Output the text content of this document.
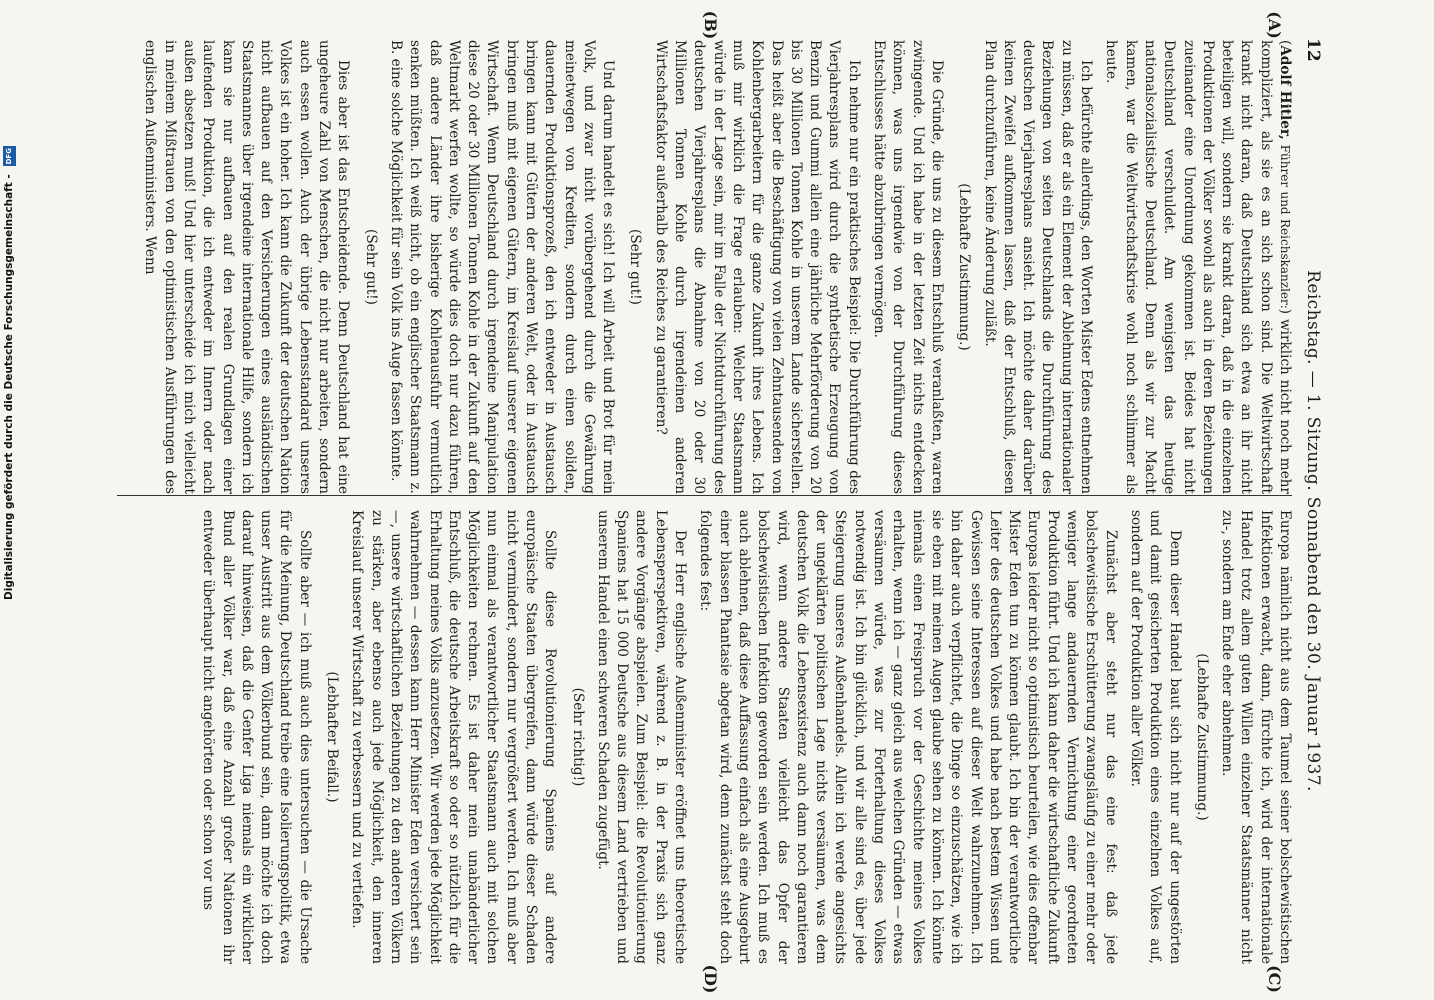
12
Reichstag. — 1. Sitzung. Sonnabend den 30. Januar 1937.
(A)
(B)
(C)
(D)

(Adolf Hitler, Führer und Reichskanzler:) wirklich nicht noch mehr kompliziert, als sie es an sich schon sind. Die Weltwirtschaft krankt nicht daran, daß Deutschland sich etwa an ihr nicht beteiligen will, sondern sie krankt daran, daß in die einzelnen Produktionen der Völker sowohl als auch in deren Beziehungen zueinander eine Unordnung gekommen ist. Beides hat nicht Deutschland verschuldet. Am wenigsten das heutige nationalsozialistische Deutschland. Denn als wir zur Macht kamen, war die Weltwirtschaftskrise wohl noch schlimmer als heute.

Ich befürchte allerdings, den Worten Mister Edens entnehmen zu müssen, daß er als ein Element der Ablehnung internationaler Beziehungen von seiten Deutschlands die Durchführung des deutschen Vierjahresplans ansieht. Ich möchte daher darüber keinen Zweifel aufkommen lassen, daß der Entschluß, diesen Plan durchzuführen, keine Änderung zuläßt.

(Lebhafte Zustimmung.)

Die Gründe, die uns zu diesem Entschluß veranlaßten, waren zwingende. Und ich habe in der letzten Zeit nichts entdecken können, was uns irgendwie von der Durchführung dieses Entschlusses hätte abzubringen vermögen.

Ich nehme nur ein praktisches Beispiel: Die Durchführung des Vierjahresplans wird durch die synthetische Erzeugung von Benzin und Gummi allein eine jährliche Mehrförderung von 20 bis 30 Millionen Tonnen Kohle in unserem Lande sicherstellen. Das heißt aber die Beschäftigung von vielen Zehntausenden von Kohlenbergarbeitern für die ganze Zukunft ihres Lebens. Ich muß mir wirklich die Frage erlauben: Welcher Staatsmann würde in der Lage sein, mir im Falle der Nichtdurchführung des deutschen Vierjahresplans die Abnahme von 20 oder 30 Millionen Tonnen Kohle durch irgendeinen anderen Wirtschaftsfaktor außerhalb des Reiches zu garantieren?

(Sehr gut!)

Und darum handelt es sich! Ich will Arbeit und Brot für mein Volk, und zwar nicht vorübergehend durch die Gewährung meinetwegen von Krediten, sondern durch einen soliden, dauernden Produktionsprozeß, den ich entweder in Austausch bringen kann mit Gütern der anderen Welt, oder in Austausch bringen muß mit eigenen Gütern, im Kreislauf unserer eigenen Wirtschaft. Wenn Deutschland durch irgendeine Manipulation diese 20 oder 30 Millionen Tonnen Kohle in der Zukunft auf den Weltmarkt werfen wollte, so würde dies doch nur dazu führen, daß andere Länder ihre bisherige Kohlenausfuhr vermutlich senken müßten. Ich weiß nicht, ob ein englischer Staatsmann z. B. eine solche Möglichkeit für sein Volk ins Auge fassen könnte.

(Sehr gut!)

Dies aber ist das Entscheidende. Denn Deutschland hat eine ungeheure Zahl von Menschen, die nicht nur arbeiten, sondern auch essen wollen. Auch der übrige Lebensstandard unseres Volkes ist ein hoher. Ich kann die Zukunft der deutschen Nation nicht aufbauen auf den Versicherungen eines ausländischen Staatsmannes über irgendeine internationale Hilfe, sondern ich kann sie nur aufbauen auf den realen Grundlagen einer laufenden Produktion, die ich entweder im Innern oder nach außen absetzen muß! Und hier unterscheide ich mich vielleicht in meinem Mißtrauen von den optimistischen Ausführungen des englischen Außenministers. Wenn

Europa nämlich nicht aus dem Taumel seiner bolschewistischen Infektionen erwacht, dann, fürchte ich, wird der internationale Handel trotz allem guten Willen einzelner Staatsmänner nicht zu-, sondern am Ende eher abnehmen.

(Lebhafte Zustimmung.)

Denn dieser Handel baut sich nicht nur auf der ungestörten und damit gesicherten Produktion eines einzelnen Volkes auf, sondern auf der Produktion aller Völker.

Zunächst aber steht nur das eine fest: daß jede bolschewistische Erschütterung zwangsläufig zu einer mehr oder weniger lange andauernden Vernichtung einer geordneten Produktion führt. Und ich kann daher die wirtschaftliche Zukunft Europas leider nicht so optimistisch beurteilen, wie dies offenbar Mister Eden tun zu können glaubt. Ich bin der verantwortliche Leiter des deutschen Volkes und habe nach bestem Wissen und Gewissen seine Interessen auf dieser Welt wahrzunehmen. Ich bin daher auch verpflichtet, die Dinge so einzuschätzen, wie ich sie eben mit meinen Augen glaube sehen zu können. Ich könnte niemals einen Freispruch vor der Geschichte meines Volkes erhalten, wenn ich — ganz gleich aus welchen Gründen — etwas versäumen würde, was zur Forterhaltung dieses Volkes notwendig ist. Ich bin glücklich, und wir alle sind es, über jede Steigerung unseres Außenhandels. Allein ich werde angesichts der ungeklärten politischen Lage nichts versäumen, was dem deutschen Volk die Lebensexistenz auch dann noch garantieren wird, wenn andere Staaten vielleicht das Opfer der bolschewistischen Infektion geworden sein werden. Ich muß es auch ablehnen, daß diese Auffassung einfach als eine Ausgeburt einer blassen Phantasie abgetan wird, denn zunächst steht doch folgendes fest:

Der Herr englische Außenminister eröffnet uns theoretische Lebensperspektiven, während z. B. in der Praxis sich ganz andere Vorgänge abspielen. Zum Beispiel: die Revolutionierung Spaniens hat 15 000 Deutsche aus diesem Land vertrieben und unserem Handel einen schweren Schaden zugefügt.

(Sehr richtig!)

Sollte diese Revolutionierung Spaniens auf andere europäische Staaten übergreifen, dann würde dieser Schaden nicht vermindert, sondern nur vergrößert werden. Ich muß aber nun einmal als verantwortlicher Staatsmann auch mit solchen Möglichkeiten rechnen. Es ist daher mein unabänderlicher Entschluß, die deutsche Arbeitskraft so oder so nützlich für die Erhaltung meines Volks anzusetzen. Wir werden jede Möglichkeit wahrnehmen — dessen kann Herr Minister Eden versichert sein —, unsere wirtschaftlichen Beziehungen zu den anderen Völkern zu stärken, aber ebenso auch jede Möglichkeit, den inneren Kreislauf unserer Wirtschaft zu verbessern und zu vertiefen.

(Lebhafter Beifall.)

Sollte aber — ich muß auch dies untersuchen — die Ursache für die Meinung, Deutschland treibe eine Isolierungspolitik, etwa unser Austritt aus dem Völkerbund sein, dann möchte ich doch darauf hinweisen, daß die Genfer Liga niemals ein wirklicher Bund aller Völker war, daß eine Anzahl großer Nationen ihr entweder überhaupt nicht angehörten oder schon vor uns

Digitalisierung gefördert durch die Deutsche Forschungsgemeinschaft -
DFG
